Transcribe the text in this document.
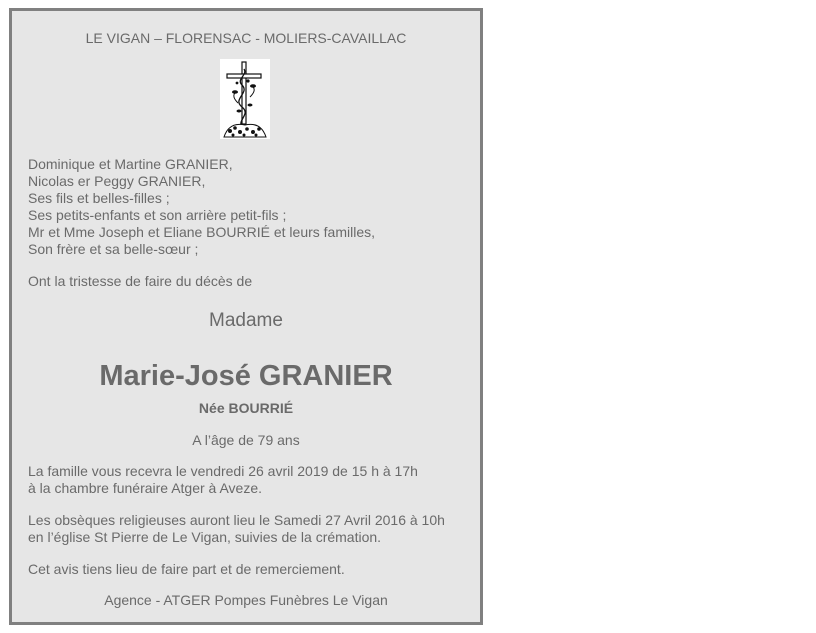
LE VIGAN – FLORENSAC - MOLIERS-CAVAILLAC
Dominique et Martine GRANIER,
Nicolas er Peggy GRANIER,
Ses fils et belles-filles ;
Ses petits-enfants et son arrière petit-fils ;
Mr et Mme Joseph et Eliane BOURRIÉ et leurs familles,
Son frère et sa belle-sœur ;
Ont la tristesse de faire du décès de
Madame
Marie-José GRANIER
Née BOURRIÉ
A l’âge de 79 ans
La famille vous recevra le vendredi 26 avril 2019 de 15 h à 17h
à la chambre funéraire Atger à Aveze.
Les obsèques religieuses auront lieu le Samedi 27 Avril 2016 à 10h
en l’église St Pierre de Le Vigan, suivies de la crémation.
Cet avis tiens lieu de faire part et de remerciement.
Agence - ATGER Pompes Funèbres Le Vigan
